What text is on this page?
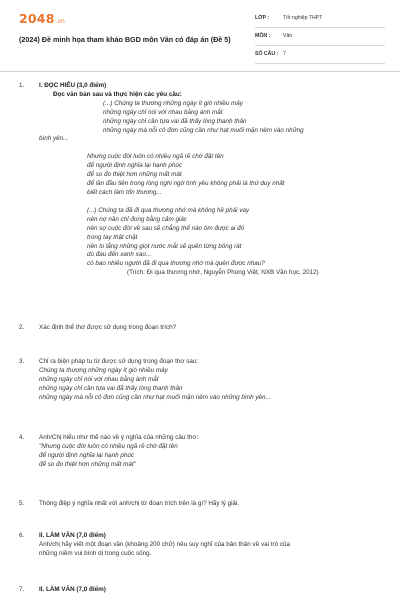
2048 .vn
(2024) Đề minh họa tham khảo BGD môn Văn có đáp án (Đề 5)
LỚP :	Tốt nghiệp THPT
MÔN : Văn
SỐ CÂU : 7
1. I. ĐỌC HIỂU (3,0 điểm)
Đọc văn bản sau và thực hiện các yêu cầu:
(...) Chúng ta thương những ngày ít gió nhiều mây
những ngày chỉ nói với nhau bằng ánh mắt
những ngày chỉ cần tựa vai đã thấy lòng thanh thản
những ngày mà nỗi cô đơn cũng cần như hạt muối mặn nêm vào những
bình yên...
Nhưng cuộc đời luôn có nhiều ngã rẽ chờ đặt tên
để người định nghĩa lại hạnh phúc
để so đo thiệt hơn những mất mát
để lần đầu tiên trong lòng nghi ngờ tình yêu không phải là thứ duy nhất
biết cách làm tổn thương...
(...) Chúng ta đã đi qua thương nhớ mà không hề phải vay
nên nợ nần chỉ đong bằng cảm giác
nên sợ cuộc đời về sau sẽ chẳng thể nào ôm được ai đó
trong tay thật chặt
nên lo lắng những giọt nước mắt sẽ quên từng bỏng rát
dù đau đến xanh xao...
có bao nhiêu người đã đi qua thương nhớ mà quên được nhau?
(Trích: Đi qua thương nhớ, Nguyễn Phong Việt, NXB Văn học, 2012)
2. Xác định thể thơ được sử dụng trong đoạn trích?
3. Chỉ ra biện pháp tu từ được sử dụng trong đoạn thơ sau:
Chúng ta thương những ngày ít gió nhiều mây
những ngày chỉ nói với nhau bằng ánh mắt
những ngày chỉ cần tựa vai đã thấy lòng thanh thản
những ngày mà nỗi cô đơn cũng cần như hạt muối mặn nêm vào những bình yên...
4. Anh/Chị hiểu như thế nào về ý nghĩa của những câu thơ:
"Nhưng cuộc đời luôn có nhiều ngã rẽ chờ đặt tên
để người định nghĩa lại hạnh phúc
để so đo thiệt hơn những mất mát"
5. Thông điệp ý nghĩa nhất với anh/chị từ đoạn trích trên là gì? Hãy lý giải.
6. II. LÀM VĂN (7,0 điểm)
Anh/chị hãy viết một đoạn văn (khoảng 200 chữ) nêu suy nghĩ của bản thân về vai trò của
những niềm vui bình dị trong cuộc sống.
7. II. LÀM VĂN (7,0 điểm)
